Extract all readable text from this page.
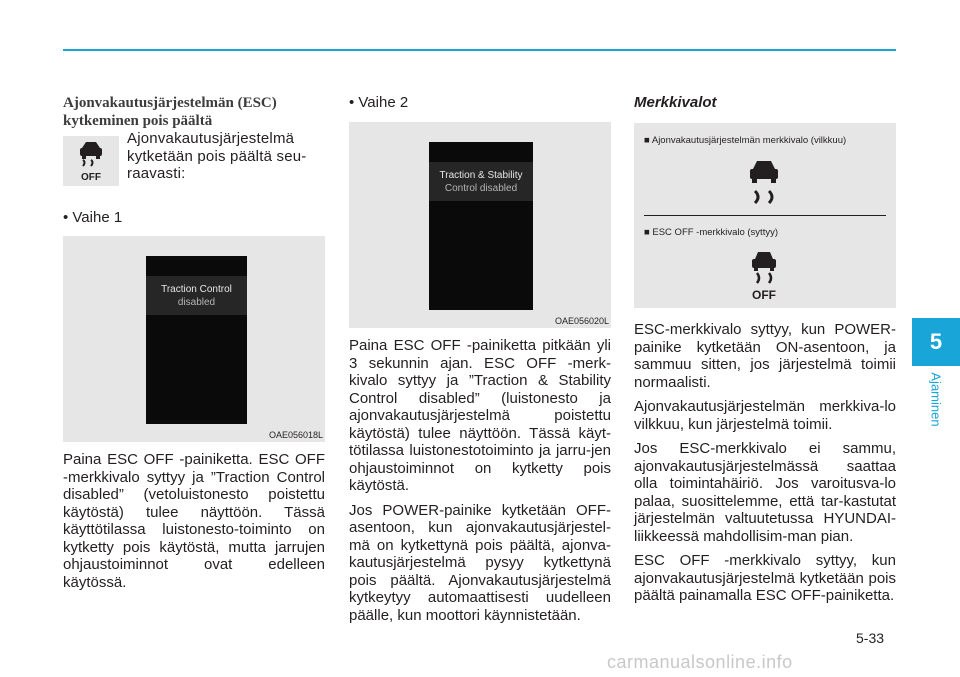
Ajonvakautusjärjestelmän (ESC)
kytkeminen pois päältä

OFF
Ajonvakautusjärjestelmä kytketään pois päältä seu-raavasti:

• Vaihe 1

Traction Control
disabled
OAE056018L

Paina ESC OFF -painiketta. ESC OFF -merkkivalo syttyy ja ”Traction Control disabled” (vetoluistonesto poistettu käytöstä) tulee näyttöön. Tässä käyttötilassa luistonesto-toiminto on kytketty pois käytöstä, mutta jarrujen ohjaustoiminnot ovat edelleen käytössä.

• Vaihe 2

Traction & Stability
Control disabled
OAE056020L

Paina ESC OFF -painiketta pitkään yli 3 sekunnin ajan. ESC OFF -merk-kivalo syttyy ja ”Traction & Stability Control disabled” (luistonesto ja ajonvakautusjärjestelmä poistettu käytöstä) tulee näyttöön. Tässä käyt-tötilassa luistonestotoiminto ja jarru-jen ohjaustoiminnot on kytketty pois käytöstä.

Jos POWER-painike kytketään OFF-asentoon, kun ajonvakautusjärjestel-mä on kytkettynä pois päältä, ajonva-kautusjärjestelmä pysyy kytkettynä pois päältä. Ajonvakautusjärjestelmä kytkeytyy automaattisesti uudelleen päälle, kun moottori käynnistetään.

Merkkivalot

■ Ajonvakautusjärjestelmän merkkivalo (vilkkuu)
■ ESC OFF -merkkivalo (syttyy)
OFF

ESC-merkkivalo syttyy, kun POWER-painike kytketään ON-asentoon, ja sammuu sitten, jos järjestelmä toimii normaalisti.

Ajonvakautusjärjestelmän merkkiva-lo vilkkuu, kun järjestelmä toimii.

Jos ESC-merkkivalo ei sammu, ajonvakautusjärjestelmässä saattaa olla toimintahäiriö. Jos varoitusva-lo palaa, suosittelemme, että tar-kastutat järjestelmän valtuutetussa HYUNDAI-liikkeessä mahdollisim-man pian.

ESC OFF -merkkivalo syttyy, kun ajonvakautusjärjestelmä kytketään pois päältä painamalla ESC OFF-painiketta.

5
Ajaminen
5-33
carmanualsonline.info
